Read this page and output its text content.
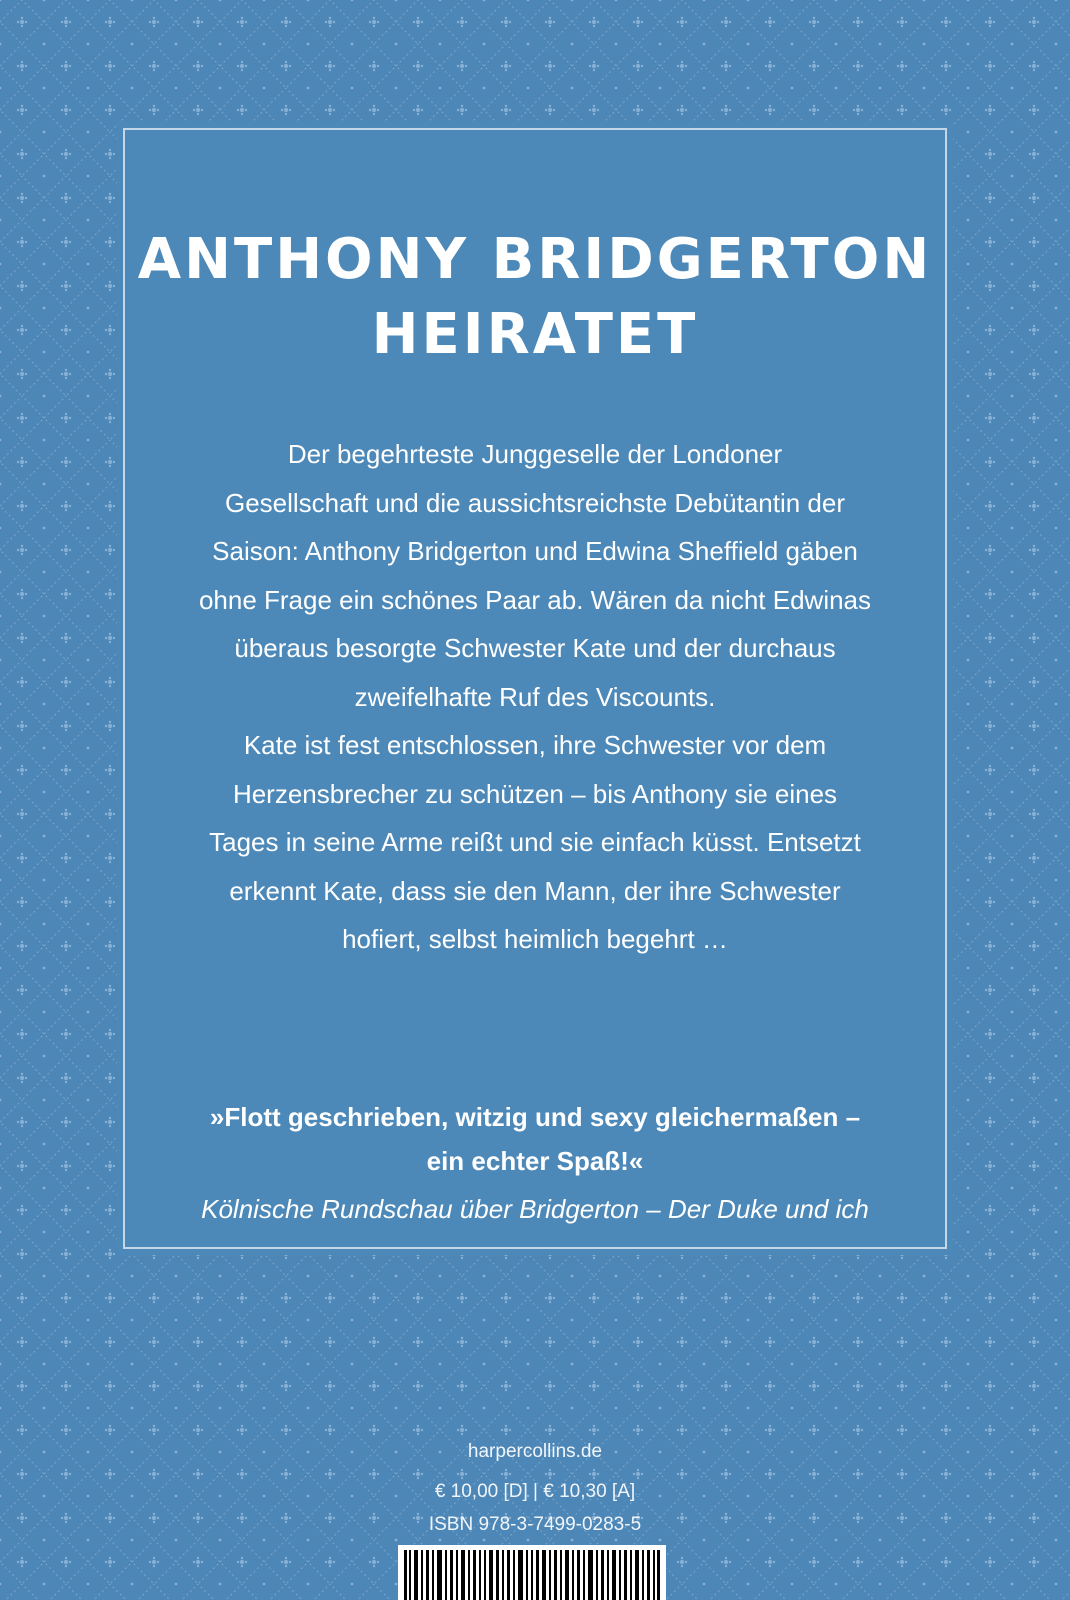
ANTHONY BRIDGERTON
HEIRATET
Der begehrteste Junggeselle der Londoner
Gesellschaft und die aussichtsreichste Debütantin der
Saison: Anthony Bridgerton und Edwina Sheffield gäben
ohne Frage ein schönes Paar ab. Wären da nicht Edwinas
überaus besorgte Schwester Kate und der durchaus
zweifelhafte Ruf des Viscounts.
Kate ist fest entschlossen, ihre Schwester vor dem
Herzensbrecher zu schützen – bis Anthony sie eines
Tages in seine Arme reißt und sie einfach küsst. Entsetzt
erkennt Kate, dass sie den Mann, der ihre Schwester
hofiert, selbst heimlich begehrt …
»Flott geschrieben, witzig und sexy gleichermaßen –
ein echter Spaß!«
Kölnische Rundschau über Bridgerton – Der Duke und ich
harpercollins.de
€ 10,00 [D] | € 10,30 [A]
ISBN 978-3-7499-0283-5
